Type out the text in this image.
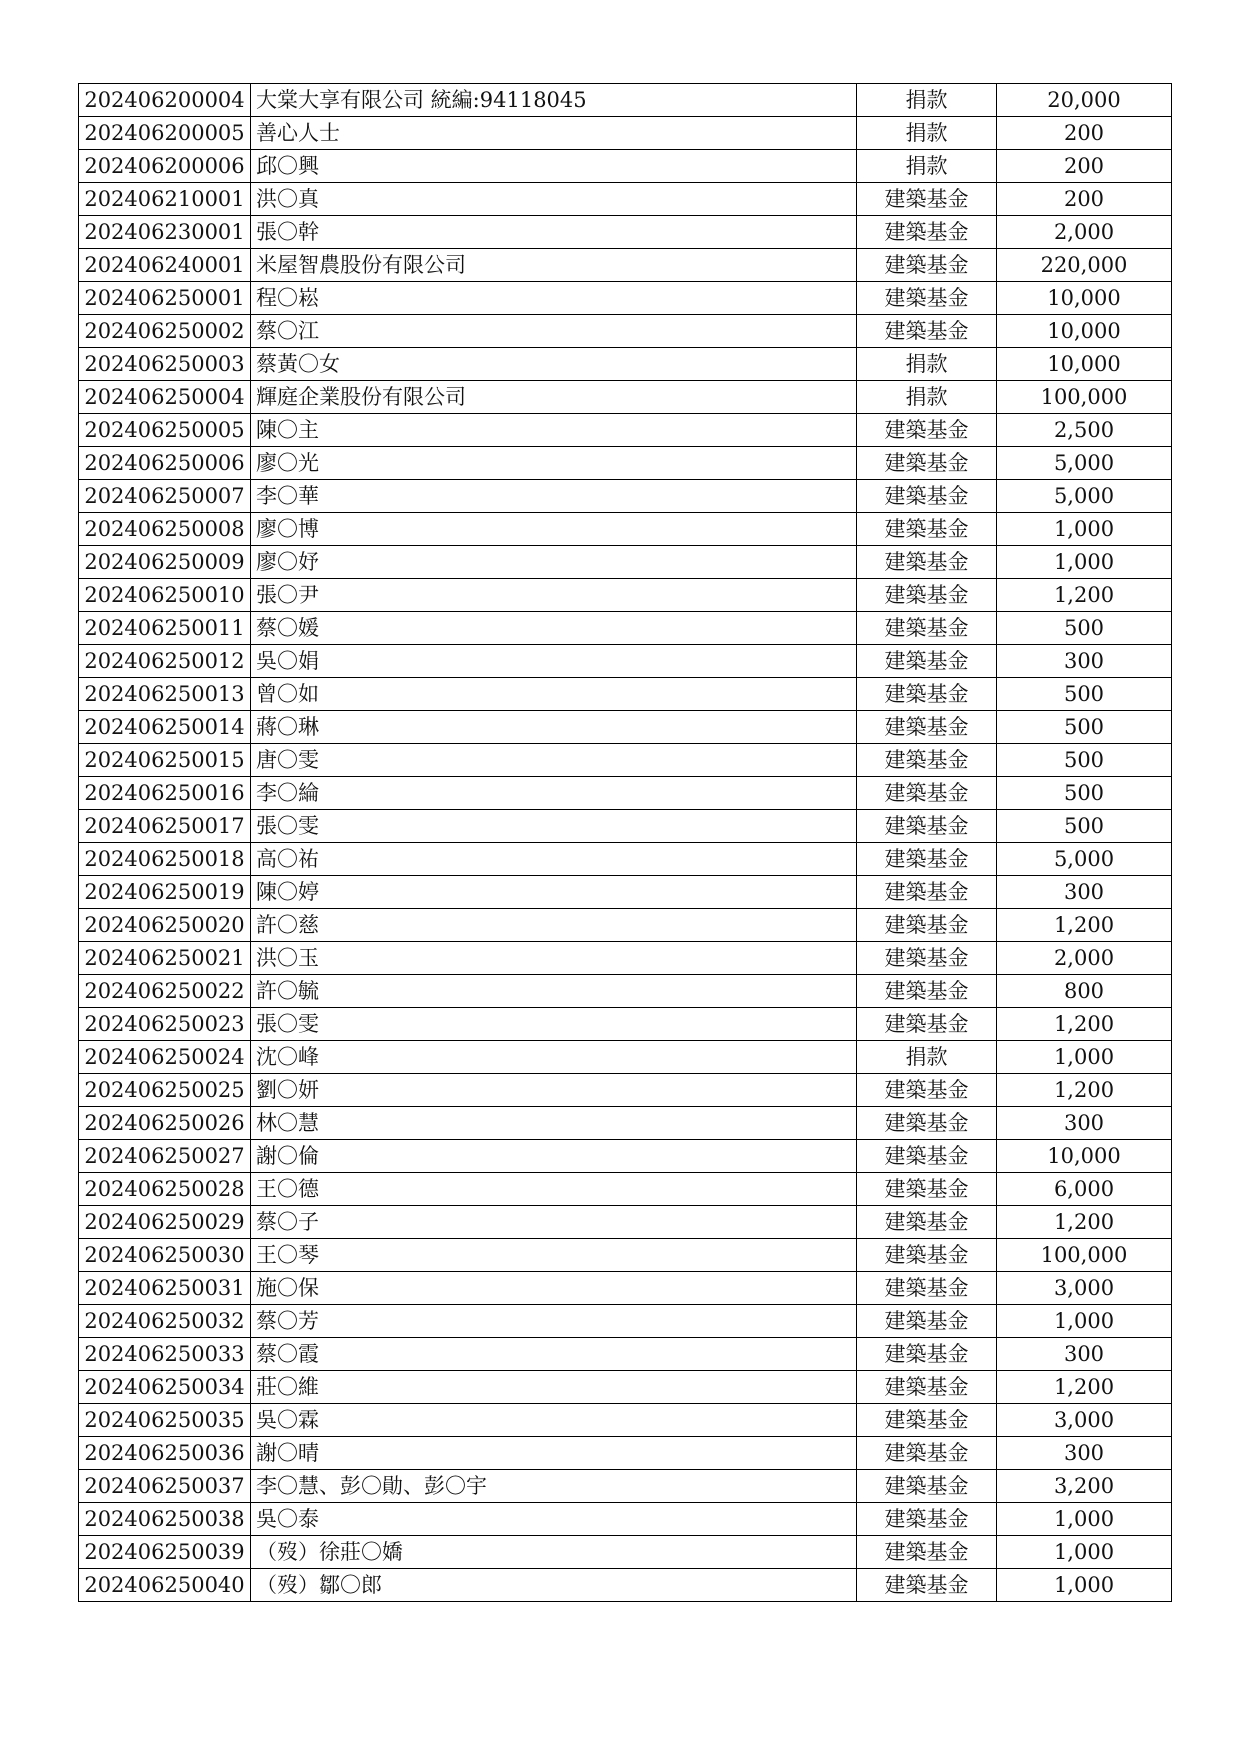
202406200004	大棠大享有限公司 統編:94118045	捐款	20,000
202406200005	善心人士	捐款	200
202406200006	邱〇興	捐款	200
202406210001	洪〇真	建築基金	200
202406230001	張〇幹	建築基金	2,000
202406240001	米屋智農股份有限公司	建築基金	220,000
202406250001	程〇崧	建築基金	10,000
202406250002	蔡〇江	建築基金	10,000
202406250003	蔡黃〇女	捐款	10,000
202406250004	輝庭企業股份有限公司	捐款	100,000
202406250005	陳〇主	建築基金	2,500
202406250006	廖〇光	建築基金	5,000
202406250007	李〇華	建築基金	5,000
202406250008	廖〇博	建築基金	1,000
202406250009	廖〇妤	建築基金	1,000
202406250010	張〇尹	建築基金	1,200
202406250011	蔡〇媛	建築基金	500
202406250012	吳〇娟	建築基金	300
202406250013	曾〇如	建築基金	500
202406250014	蔣〇琳	建築基金	500
202406250015	唐〇雯	建築基金	500
202406250016	李〇綸	建築基金	500
202406250017	張〇雯	建築基金	500
202406250018	高〇祐	建築基金	5,000
202406250019	陳〇婷	建築基金	300
202406250020	許〇慈	建築基金	1,200
202406250021	洪〇玉	建築基金	2,000
202406250022	許〇毓	建築基金	800
202406250023	張〇雯	建築基金	1,200
202406250024	沈〇峰	捐款	1,000
202406250025	劉〇妍	建築基金	1,200
202406250026	林〇慧	建築基金	300
202406250027	謝〇倫	建築基金	10,000
202406250028	王〇德	建築基金	6,000
202406250029	蔡〇子	建築基金	1,200
202406250030	王〇琴	建築基金	100,000
202406250031	施〇保	建築基金	3,000
202406250032	蔡〇芳	建築基金	1,000
202406250033	蔡〇霞	建築基金	300
202406250034	莊〇維	建築基金	1,200
202406250035	吳〇霖	建築基金	3,000
202406250036	謝〇晴	建築基金	300
202406250037	李〇慧、彭〇勛、彭〇宇	建築基金	3,200
202406250038	吳〇泰	建築基金	1,000
202406250039	（歿）徐莊〇嬌	建築基金	1,000
202406250040	（歿）鄒〇郎	建築基金	1,000
